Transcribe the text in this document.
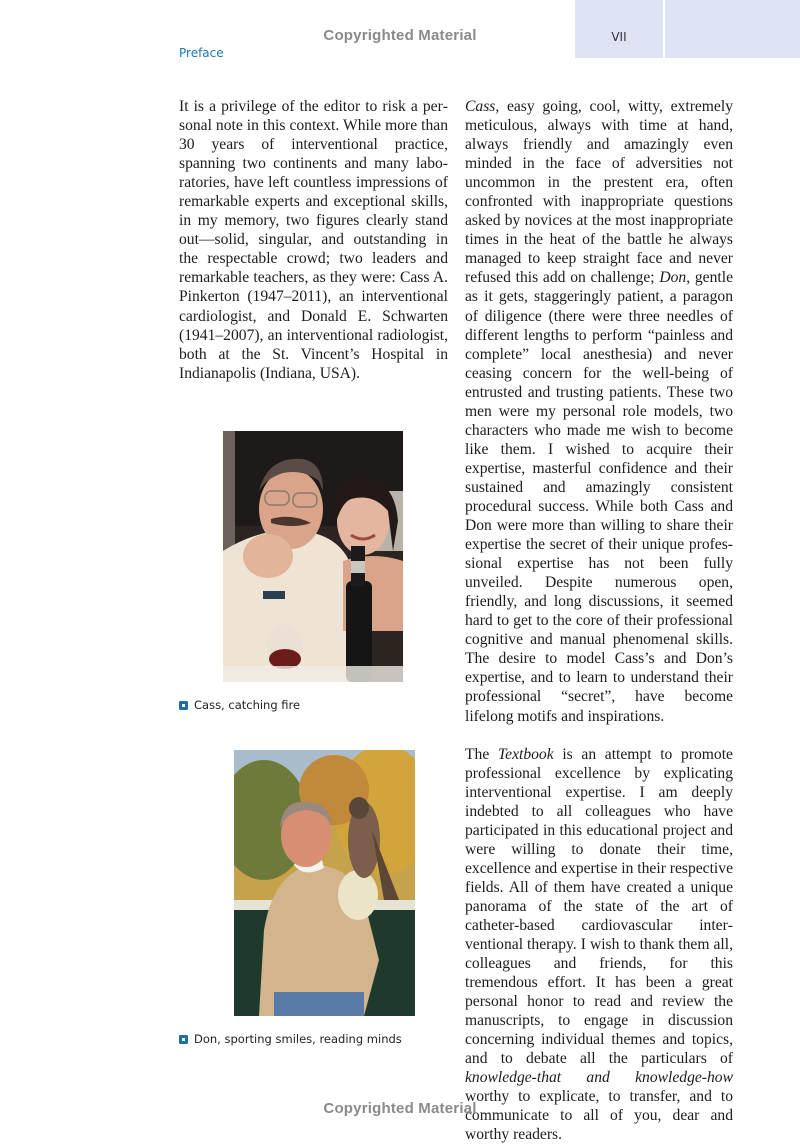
VII
Copyrighted Material
Preface

It is a privilege of the editor to risk a personal note in this context. While more than 30 years of interventional practice, spanning two continents and many laboratories, have left countless impressions of remarkable experts and exceptional skills, in my memory, two figures clearly stand out—solid, singular, and outstanding in the respectable crowd; two leaders and remarkable teachers, as they were: Cass A. Pinkerton (1947–2011), an interventional cardiologist, and Donald E. Schwarten (1941–2007), an interventional radiologist, both at the St. Vincent’s Hospital in Indianapolis (Indiana, USA).

Cass, catching fire
Don, sporting smiles, reading minds

Cass, easy going, cool, witty, extremely meticulous, always with time at hand, always friendly and amazingly even minded in the face of adversities not uncommon in the prestent era, often confronted with inappropriate questions asked by novices at the most inappropriate times in the heat of the battle he always managed to keep straight face and never refused this add on challenge; Don, gentle as it gets, staggeringly patient, a paragon of diligence (there were three needles of different lengths to perform “painless and complete” local anesthesia) and never ceasing concern for the well-being of entrusted and trusting patients. These two men were my personal role models, two characters who made me wish to become like them. I wished to acquire their expertise, masterful confidence and their sustained and amazingly consistent procedural success. While both Cass and Don were more than willing to share their expertise the secret of their unique professional expertise has not been fully unveiled. Despite numerous open, friendly, and long discussions, it seemed hard to get to the core of their professional cognitive and manual phenomenal skills. The desire to model Cass’s and Don’s expertise, and to learn to understand their professional “secret”, have become lifelong motifs and inspirations.

The Textbook is an attempt to promote professional excellence by explicating interventional expertise. I am deeply indebted to all colleagues who have participated in this educational project and were willing to donate their time, excellence and expertise in their respective fields. All of them have created a unique panorama of the state of the art of catheter-based cardiovascular interventional therapy. I wish to thank them all, colleagues and friends, for this tremendous effort. It has been a great personal honor to read and review the manuscripts, to engage in discussion concerning individual themes and topics, and to debate all the particulars of knowledge-that and knowledge-how worthy to explicate, to transfer, and to communicate to all of you, dear and worthy readers.

Copyrighted Material
